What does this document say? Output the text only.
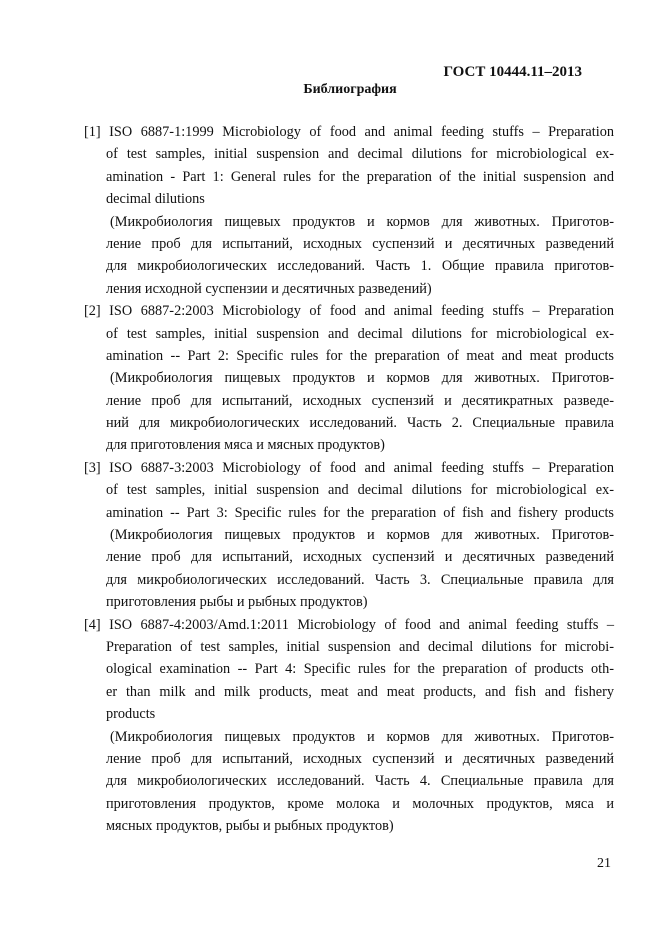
ГОСТ 10444.11–2013
Библиография
[1] ISO 6887-1:1999 Microbiology of food and animal feeding stuffs – Preparation
of test samples, initial suspension and decimal dilutions for microbiological ex-
amination - Part 1: General rules for the preparation of the initial suspension and
decimal dilutions
(Микробиология пищевых продуктов и кормов для животных. Приготов-
ление проб для испытаний, исходных суспензий и десятичных разведений
для микробиологических исследований. Часть 1. Общие правила приготов-
ления исходной суспензии и десятичных разведений)
[2] ISO 6887-2:2003 Microbiology of food and animal feeding stuffs – Preparation
of test samples, initial suspension and decimal dilutions for microbiological ex-
amination -- Part 2: Specific rules for the preparation of meat and meat products
(Микробиология пищевых продуктов и кормов для животных. Приготов-
ление проб для испытаний, исходных суспензий и десятикратных разведе-
ний для микробиологических исследований. Часть 2. Специальные правила
для приготовления мяса и мясных продуктов)
[3] ISO 6887-3:2003 Microbiology of food and animal feeding stuffs – Preparation
of test samples, initial suspension and decimal dilutions for microbiological ex-
amination -- Part 3: Specific rules for the preparation of fish and fishery products
(Микробиология пищевых продуктов и кормов для животных. Приготов-
ление проб для испытаний, исходных суспензий и десятичных разведений
для микробиологических исследований. Часть 3. Специальные правила для
приготовления рыбы и рыбных продуктов)
[4] ISO 6887-4:2003/Amd.1:2011 Microbiology of food and animal feeding stuffs –
Preparation of test samples, initial suspension and decimal dilutions for microbi-
ological examination -- Part 4: Specific rules for the preparation of products oth-
er than milk and milk products, meat and meat products, and fish and fishery
products
(Микробиология пищевых продуктов и кормов для животных. Приготов-
ление проб для испытаний, исходных суспензий и десятичных разведений
для микробиологических исследований. Часть 4. Специальные правила для
приготовления продуктов, кроме молока и молочных продуктов, мяса и
мясных продуктов, рыбы и рыбных продуктов)
21
